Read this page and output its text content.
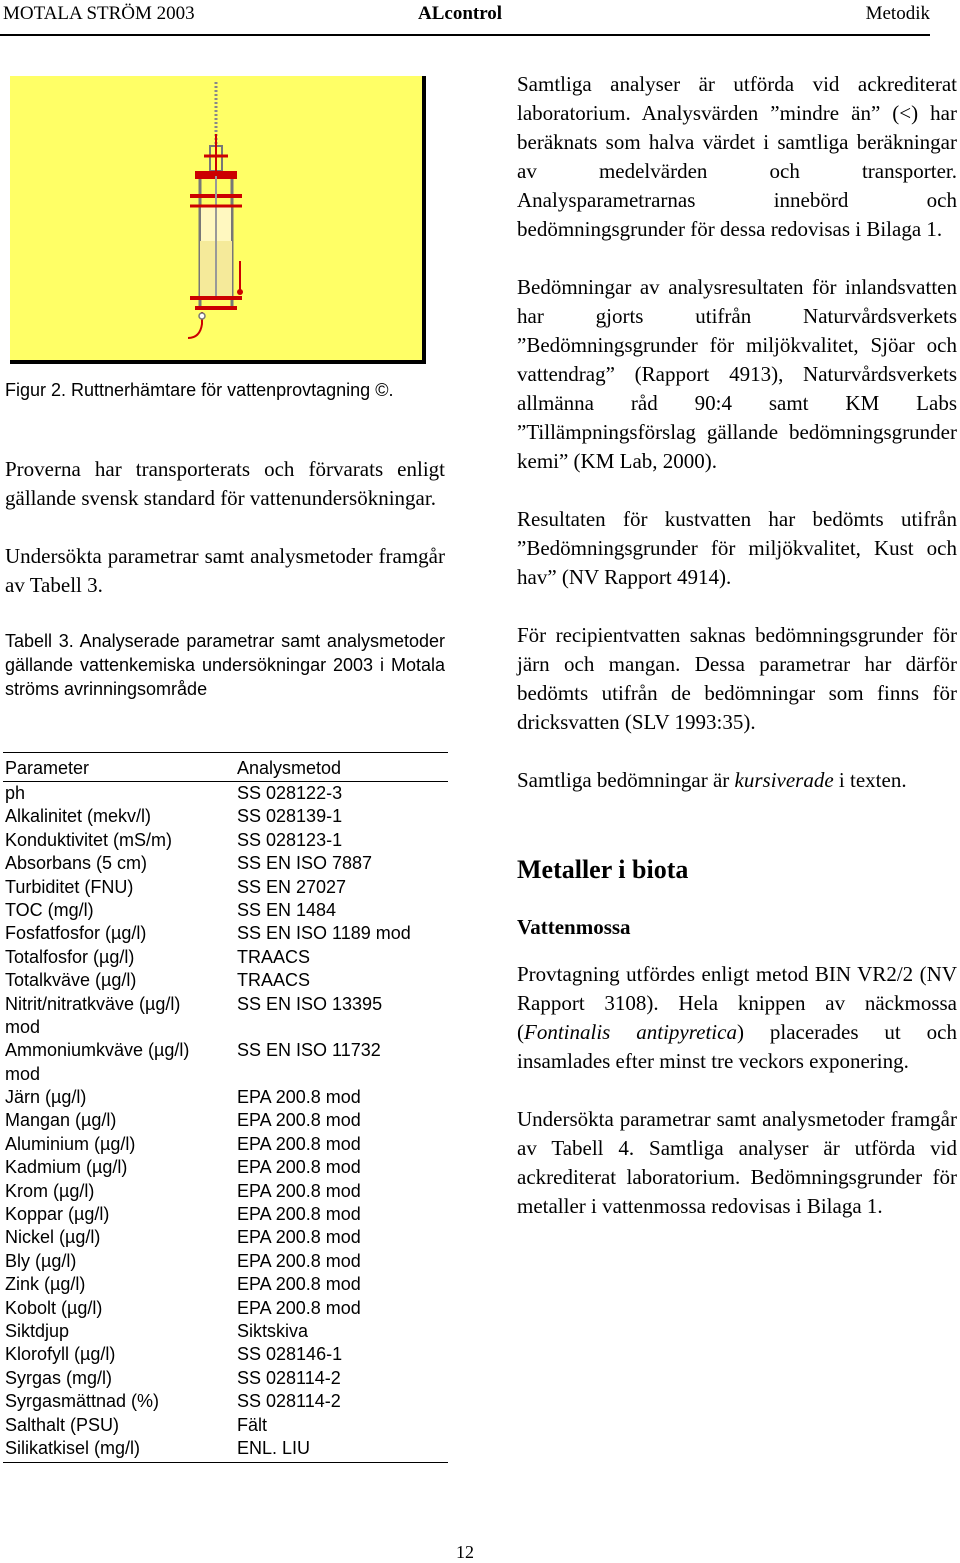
MOTALA STRÖM 2003	ALcontrol	Metodik

Figur 2. Ruttnerhämtare för vattenprovtagning ©.

Proverna har transporterats och förvarats enligt gällande svensk standard för vattenundersökningar.

Undersökta parametrar samt analysmetoder framgår av Tabell 3.

Tabell 3. Analyserade parametrar samt analysmetoder gällande vattenkemiska undersökningar 2003 i Motala ströms avrinningsområde

Parameter	Analysmetod
ph	SS 028122-3
Alkalinitet (mekv/l)	SS 028139-1
Konduktivitet (mS/m)	SS 028123-1
Absorbans (5 cm)	SS EN ISO 7887
Turbiditet (FNU)	SS EN 27027
TOC (mg/l)	SS EN 1484
Fosfatfosfor (µg/l)	SS EN ISO 1189 mod
Totalfosfor (µg/l)	TRAACS
Totalkväve (µg/l)	TRAACS
Nitrit/nitratkväve (µg/l)	SS EN ISO 13395
mod
Ammoniumkväve (µg/l)	SS EN ISO 11732
mod
Järn (µg/l)	EPA 200.8 mod
Mangan (µg/l)	EPA 200.8 mod
Aluminium (µg/l)	EPA 200.8 mod
Kadmium (µg/l)	EPA 200.8 mod
Krom (µg/l)	EPA 200.8 mod
Koppar (µg/l)	EPA 200.8 mod
Nickel (µg/l)	EPA 200.8 mod
Bly (µg/l)	EPA 200.8 mod
Zink (µg/l)	EPA 200.8 mod
Kobolt (µg/l)	EPA 200.8 mod
Siktdjup	Siktskiva
Klorofyll (µg/l)	SS 028146-1
Syrgas (mg/l)	SS 028114-2
Syrgasmättnad (%)	SS 028114-2
Salthalt (PSU)	Fält
Silikatkisel (mg/l)	ENL. LIU

Samtliga analyser är utförda vid ackrediterat laboratorium. Analysvärden ”mindre än” (<) har beräknats som halva värdet i samtliga beräkningar av medelvärden och transporter. Analysparametrarnas innebörd och bedömningsgrunder för dessa redovisas i Bilaga 1.

Bedömningar av analysresultaten för inlandsvatten har gjorts utifrån Naturvårdsverkets ”Bedömningsgrunder för miljökvalitet, Sjöar och vattendrag” (Rapport 4913), Naturvårdsverkets allmänna råd 90:4 samt KM Labs ”Tillämpningsförslag gällande bedömningsgrunder kemi” (KM Lab, 2000).

Resultaten för kustvatten har bedömts utifrån ”Bedömningsgrunder för miljökvalitet, Kust och hav” (NV Rapport 4914).

För recipientvatten saknas bedömningsgrunder för järn och mangan. Dessa parametrar har därför bedömts utifrån de bedömningar som finns för dricksvatten (SLV 1993:35).

Samtliga bedömningar är kursiverade i texten.

Metaller i biota
Vattenmossa

Provtagning utfördes enligt metod BIN VR2/2 (NV Rapport 3108). Hela knippen av näckmossa (Fontinalis antipyretica) placerades ut och insamlades efter minst tre veckors exponering.

Undersökta parametrar samt analysmetoder framgår av Tabell 4. Samtliga analyser är utförda vid ackrediterat laboratorium. Bedömningsgrunder för metaller i vattenmossa redovisas i Bilaga 1.

12
